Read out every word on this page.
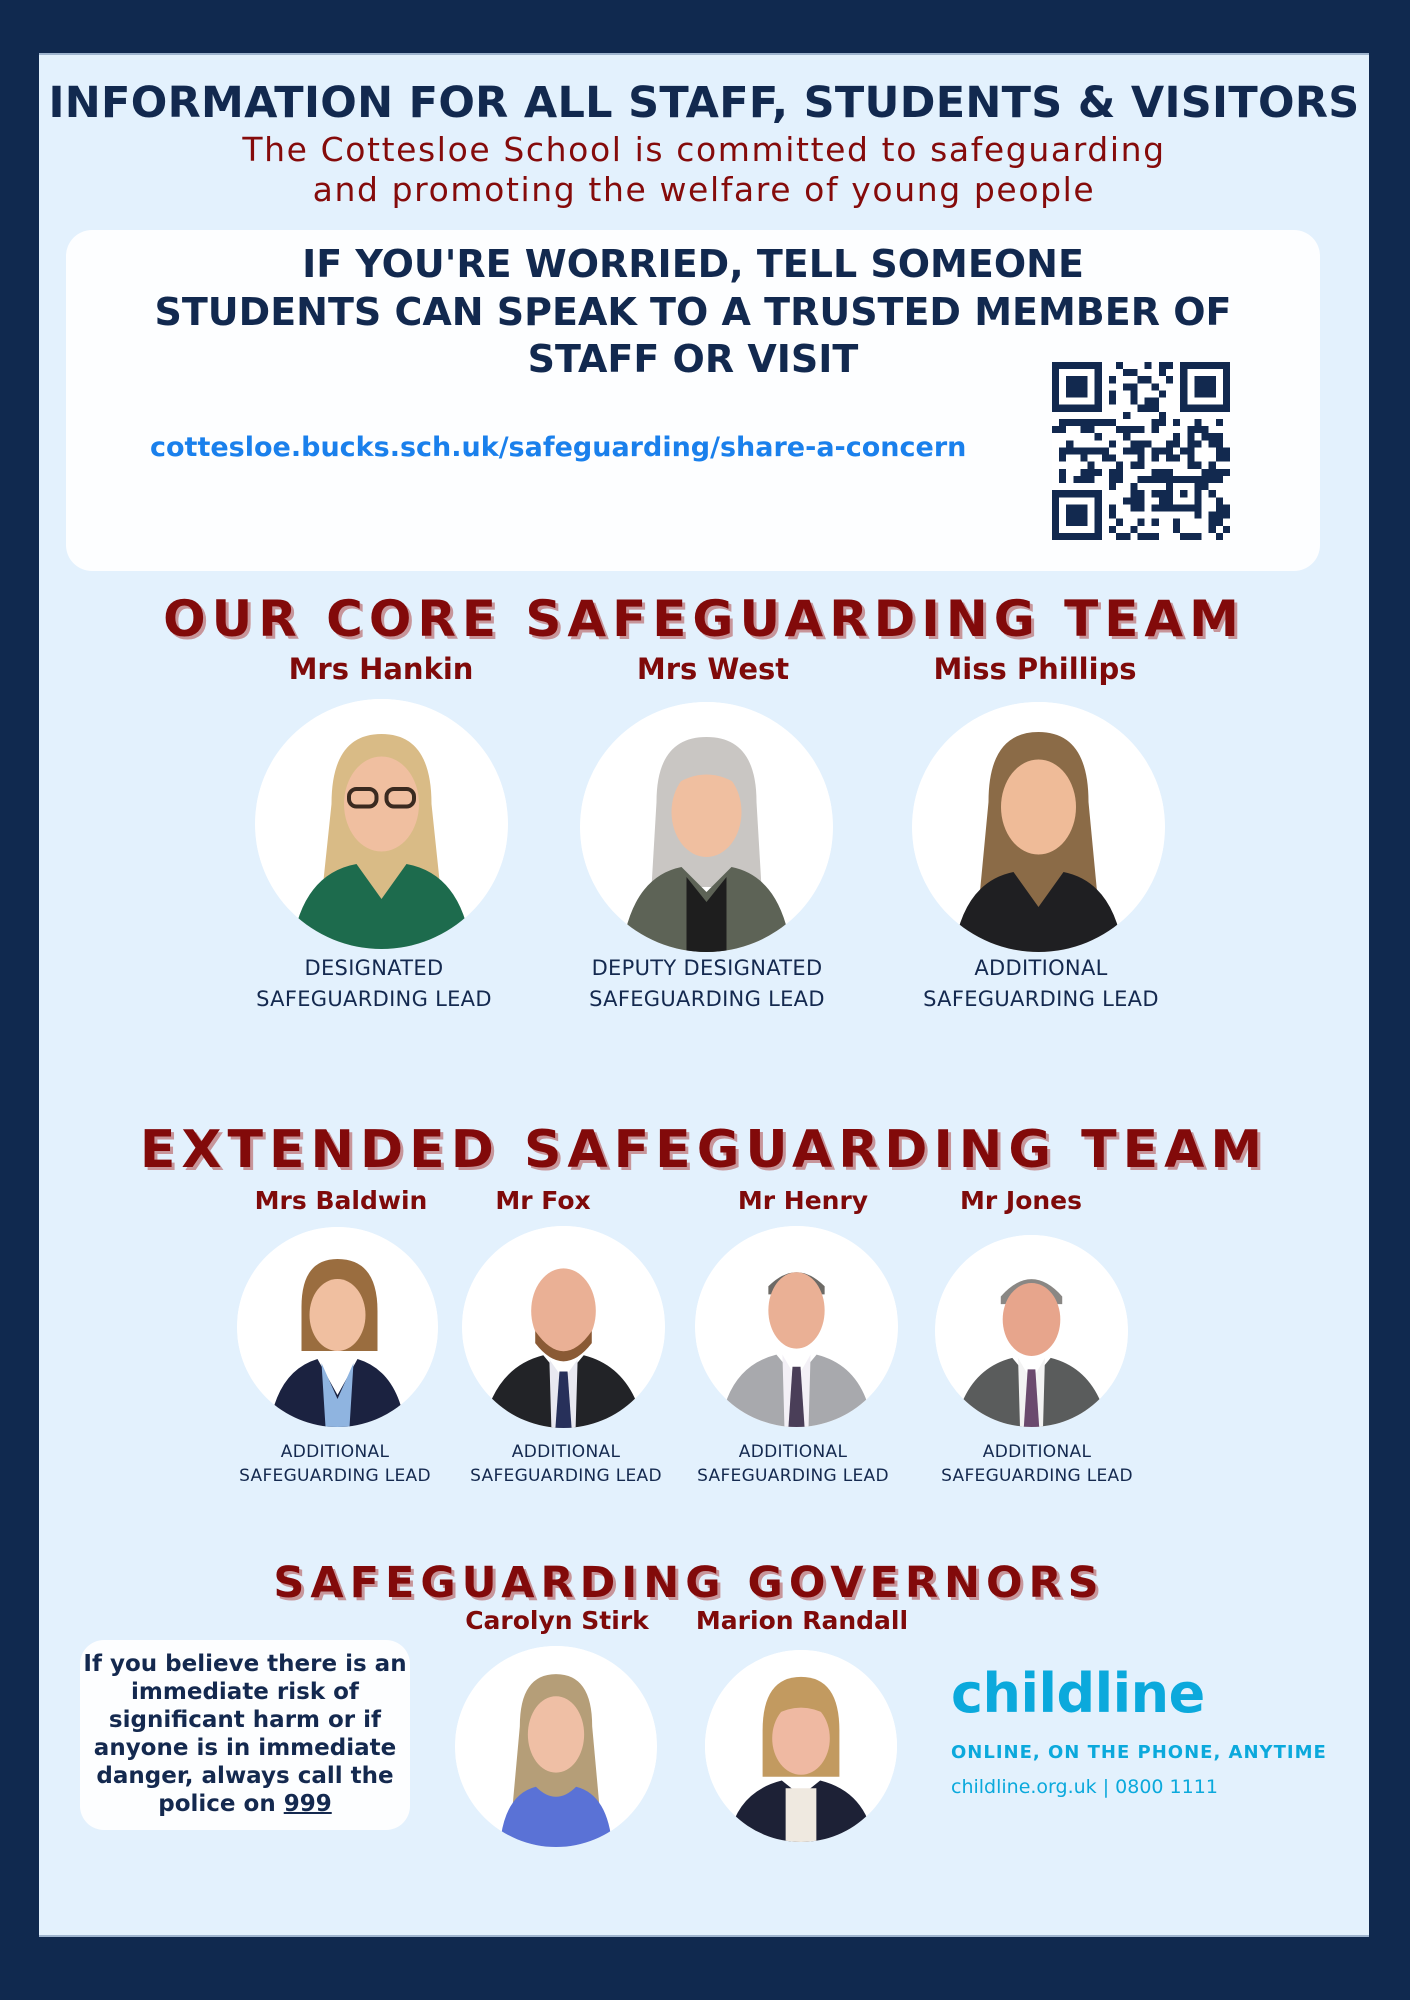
INFORMATION FOR ALL STAFF, STUDENTS & VISITORS
The Cottesloe School is committed to safeguarding
and promoting the welfare of young people
IF YOU'RE WORRIED, TELL SOMEONE
STUDENTS CAN SPEAK TO A TRUSTED MEMBER OF
STAFF OR VISIT
cottesloe.bucks.sch.uk/safeguarding/share-a-concern
OUR CORE SAFEGUARDING TEAM
Mrs Hankin	Mrs West	Miss Phillips
DESIGNATED
SAFEGUARDING LEAD
DEPUTY DESIGNATED
SAFEGUARDING LEAD
ADDITIONAL
SAFEGUARDING LEAD
EXTENDED SAFEGUARDING TEAM
Mrs Baldwin	Mr Fox	Mr Henry	Mr Jones
ADDITIONAL
SAFEGUARDING LEAD
ADDITIONAL
SAFEGUARDING LEAD
ADDITIONAL
SAFEGUARDING LEAD
ADDITIONAL
SAFEGUARDING LEAD
SAFEGUARDING GOVERNORS
Carolyn Stirk Marion Randall
If you believe there is an
immediate risk of
significant harm or if
anyone is in immediate
danger, always call the
police on 999
childline
ONLINE, ON THE PHONE, ANYTIME
childline.org.uk | 0800 1111
